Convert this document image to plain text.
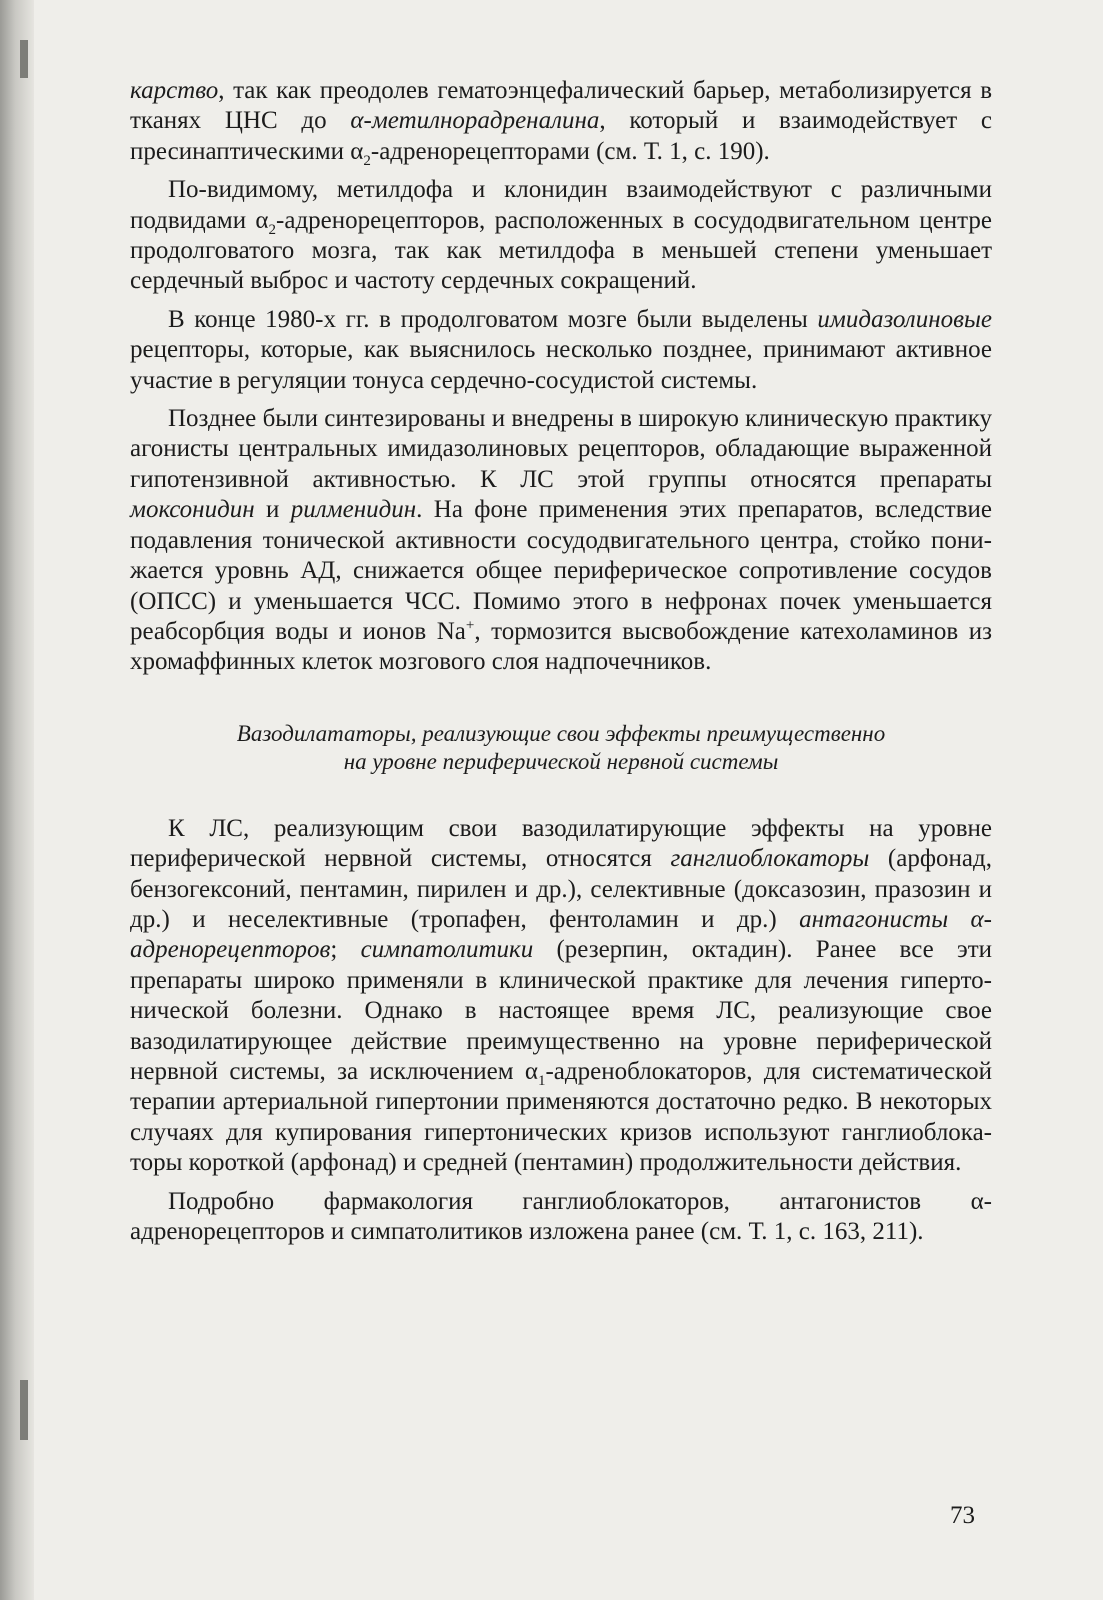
карство, так как преодолев гематоэнцефалический барьер, метаболизируется в тканях ЦНС до α-метилнорадреналина, который и взаимодействует с пресинаптическими $\alpha_2$-адренорецепторами (см. Т. 1, с. 190).

По-видимому, метилдофа и клонидин взаимодействуют с различными подвидами $\alpha_2$-адренорецепторов, расположенных в сосудодвигательном центре продолговатого мозга, так как метилдофа в меньшей степени уменьшает сердечный выброс и частоту сердечных сокращений.

В конце 1980-х гг. в продолговатом мозге были выделены имидазолиновые рецепторы, которые, как выяснилось несколько позднее, принимают активное участие в регуляции тонуса сердечно-сосудистой системы.

Позднее были синтезированы и внедрены в широкую клиническую практику агонисты центральных имидазолиновых рецепторов, обладающие выраженной гипотензивной активностью. К ЛС этой группы относятся препараты моксонидин и рилменидин. На фоне применения этих препаратов, вследствие подавления тонической активности сосудодвигательного центра, стойко понижается уровнь АД, снижается общее периферическое сопротивление сосудов (ОПСС) и уменьшается ЧСС. Помимо этого в нефронах почек уменьшается реабсорбция воды и ионов Na+, тормозится высвобождение катехоламинов из хромаффинных клеток мозгового слоя надпочечников.

Вазодилататоры, реализующие свои эффекты преимущественно
на уровне периферической нервной системы

К ЛС, реализующим свои вазодилатирующие эффекты на уровне периферической нервной системы, относятся ганглиоблокаторы (арфонад, бензогексоний, пентамин, пирилен и др.), селективные (доксазозин, празозин и др.) и неселективные (тропафен, фентоламин и др.) антагонисты α-адренорецепторов; симпатолитики (резерпин, октадин). Ранее все эти препараты широко применяли в клинической практике для лечения гипертонической болезни. Однако в настоящее время ЛС, реализующие свое вазодилатирующее действие преимущественно на уровне периферической нервной системы, за исключением $\alpha_1$-адреноблокаторов, для систематической терапии артериальной гипертонии применяются достаточно редко. В некоторых случаях для купирования гипертонических кризов используют ганглиоблокаторы короткой (арфонад) и средней (пентамин) продолжительности действия.

Подробно фармакология ганглиоблокаторов, антагонистов α-адренорецепторов и симпатолитиков изложена ранее (см. Т. 1, с. 163, 211).

73
